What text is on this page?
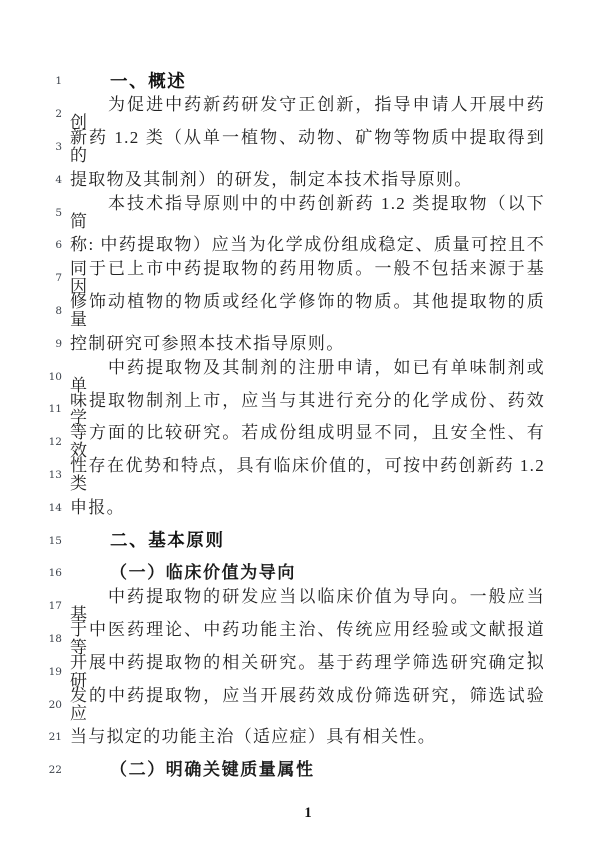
1	一、概述
2	为促进中药新药研发守正创新，指导申请人开展中药创
3 新药 1.2 类（从单一植物、动物、矿物等物质中提取得到的
4 提取物及其制剂）的研发，制定本技术指导原则。
5	本技术指导原则中的中药创新药 1.2 类提取物（以下简
6 称: 中药提取物）应当为化学成份组成稳定、质量可控且不
7 同于已上市中药提取物的药用物质。一般不包括来源于基因
8 修饰动植物的物质或经化学修饰的物质。其他提取物的质量
9 控制研究可参照本技术指导原则。
10	中药提取物及其制剂的注册申请，如已有单味制剂或单
11 味提取物制剂上市，应当与其进行充分的化学成份、药效学
12 等方面的比较研究。若成份组成明显不同，且安全性、有效
13 性存在优势和特点，具有临床价值的，可按中药创新药 1.2 类
14 申报。
15	二、基本原则
16	（一）临床价值为导向
17	中药提取物的研发应当以临床价值为导向。一般应当基
18 于中医药理论、中药功能主治、传统应用经验或文献报道等，
19 开展中药提取物的相关研究。基于药理学筛选研究确定拟研
20 发的中药提取物，应当开展药效成份筛选研究，筛选试验应
21 当与拟定的功能主治（适应症）具有相关性。
22	（二）明确关键质量属性
1
